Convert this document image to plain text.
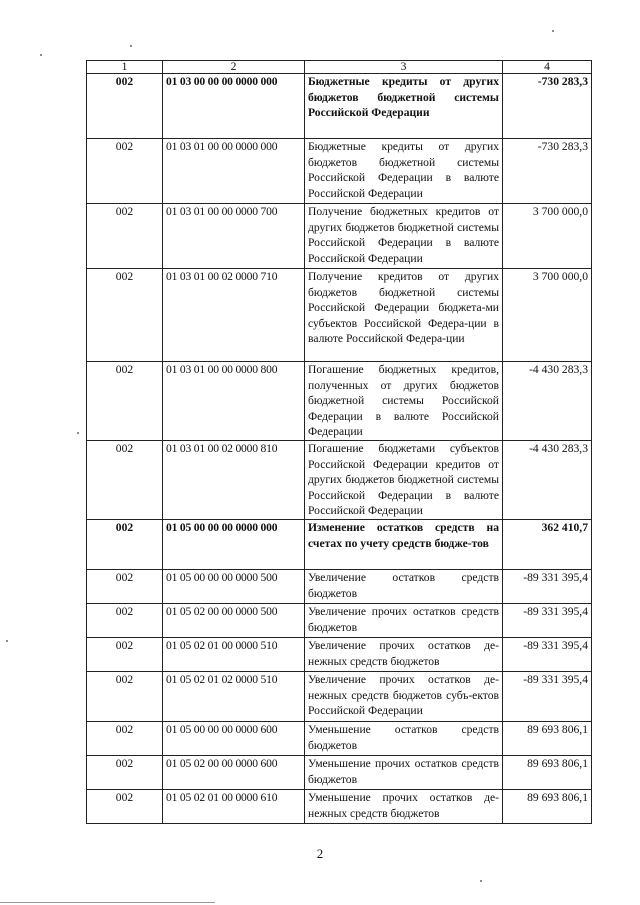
1	2	3	4
002	01 03 00 00 00 0000 000	Бюджетные кредиты от других бюджетов бюджетной системы Российской Федерации	-730 283,3
002	01 03 01 00 00 0000 000	Бюджетные кредиты от других бюджетов бюджетной системы Российской Федерации в валюте Российской Федерации	-730 283,3
002	01 03 01 00 00 0000 700	Получение бюджетных кредитов от других бюджетов бюджетной системы Российской Федерации в валюте Российской Федерации	3 700 000,0
002	01 03 01 00 02 0000 710	Получение кредитов от других бюджетов бюджетной системы Российской Федерации бюджета-ми субъектов Российской Федера-ции в валюте Российской Федера-ции	3 700 000,0
002	01 03 01 00 00 0000 800	Погашение бюджетных кредитов, полученных от других бюджетов бюджетной системы Российской Федерации в валюте Российской Федерации	-4 430 283,3
002	01 03 01 00 02 0000 810	Погашение бюджетами субъектов Российской Федерации кредитов от других бюджетов бюджетной системы Российской Федерации в валюте Российской Федерации	-4 430 283,3
002	01 05 00 00 00 0000 000	Изменение остатков средств на счетах по учету средств бюдже-тов	362 410,7
002	01 05 00 00 00 0000 500	Увеличение остатков средств бюджетов	-89 331 395,4
002	01 05 02 00 00 0000 500	Увеличение прочих остатков средств бюджетов	-89 331 395,4
002	01 05 02 01 00 0000 510	Увеличение прочих остатков де-нежных средств бюджетов	-89 331 395,4
002	01 05 02 01 02 0000 510	Увеличение прочих остатков де-нежных средств бюджетов субъ-ектов Российской Федерации	-89 331 395,4
002	01 05 00 00 00 0000 600	Уменьшение остатков средств бюджетов	89 693 806,1
002	01 05 02 00 00 0000 600	Уменьшение прочих остатков средств бюджетов	89 693 806,1
002	01 05 02 01 00 0000 610	Уменьшение прочих остатков де-нежных средств бюджетов	89 693 806,1
2
